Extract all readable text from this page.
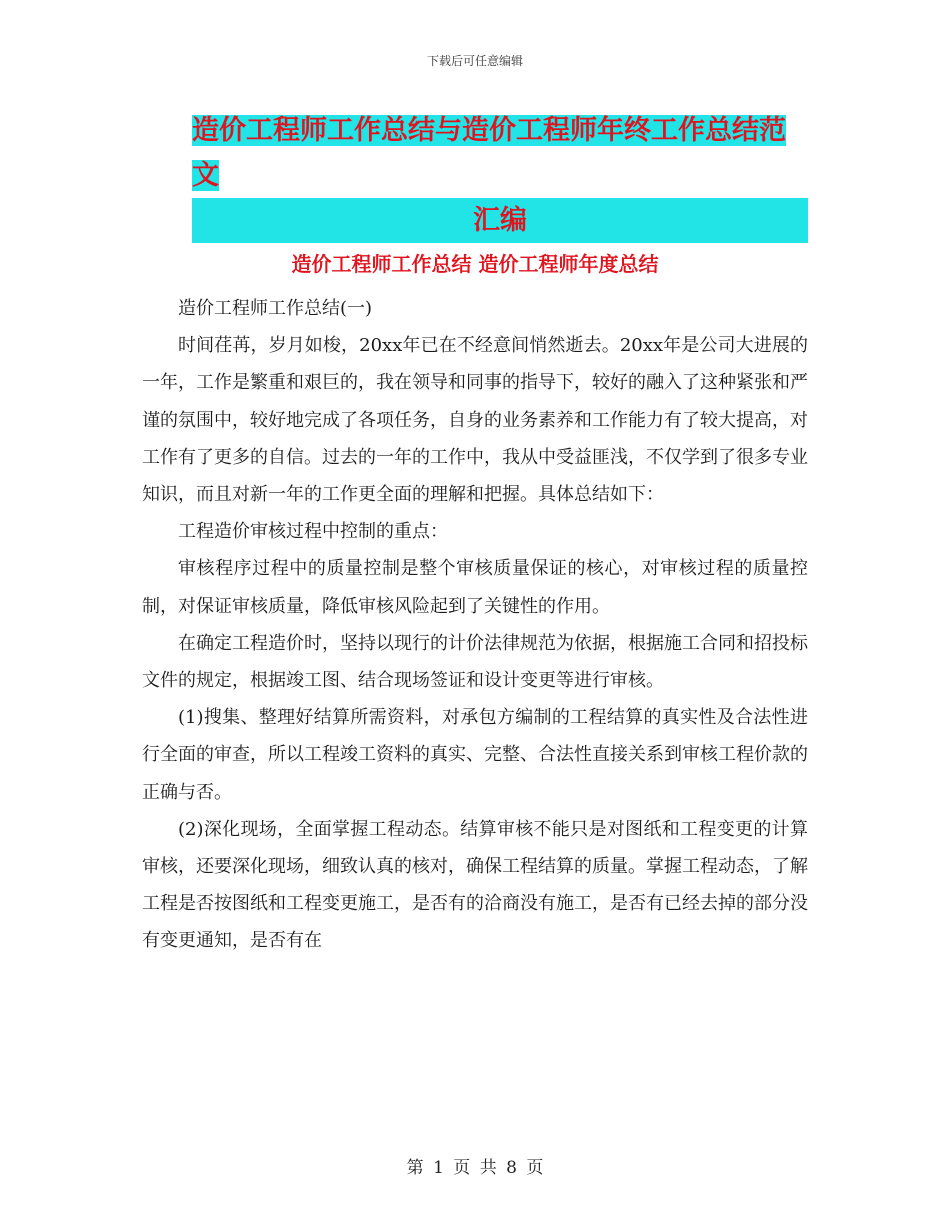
下载后可任意编辑
造价工程师工作总结与造价工程师年终工作总结范文
汇编
造价工程师工作总结 造价工程师年度总结

造价工程师工作总结(一)

时间荏苒，岁月如梭，20xx年已在不经意间悄然逝去。20xx年是公司大进展的一年，工作是繁重和艰巨的，我在领导和同事的指导下，较好的融入了这种紧张和严谨的氛围中，较好地完成了各项任务，自身的业务素养和工作能力有了较大提高，对工作有了更多的自信。过去的一年的工作中，我从中受益匪浅，不仅学到了很多专业知识，而且对新一年的工作更全面的理解和把握。具体总结如下：

工程造价审核过程中控制的重点：

审核程序过程中的质量控制是整个审核质量保证的核心，对审核过程的质量控制，对保证审核质量，降低审核风险起到了关键性的作用。

在确定工程造价时，坚持以现行的计价法律规范为依据，根据施工合同和招投标文件的规定，根据竣工图、结合现场签证和设计变更等进行审核。

(1)搜集、整理好结算所需资料，对承包方编制的工程结算的真实性及合法性进行全面的审查，所以工程竣工资料的真实、完整、合法性直接关系到审核工程价款的正确与否。

(2)深化现场，全面掌握工程动态。结算审核不能只是对图纸和工程变更的计算审核，还要深化现场，细致认真的核对，确保工程结算的质量。掌握工程动态，了解工程是否按图纸和工程变更施工，是否有的洽商没有施工，是否有已经去掉的部分没有变更通知，是否有在

第 1 页 共 8 页
